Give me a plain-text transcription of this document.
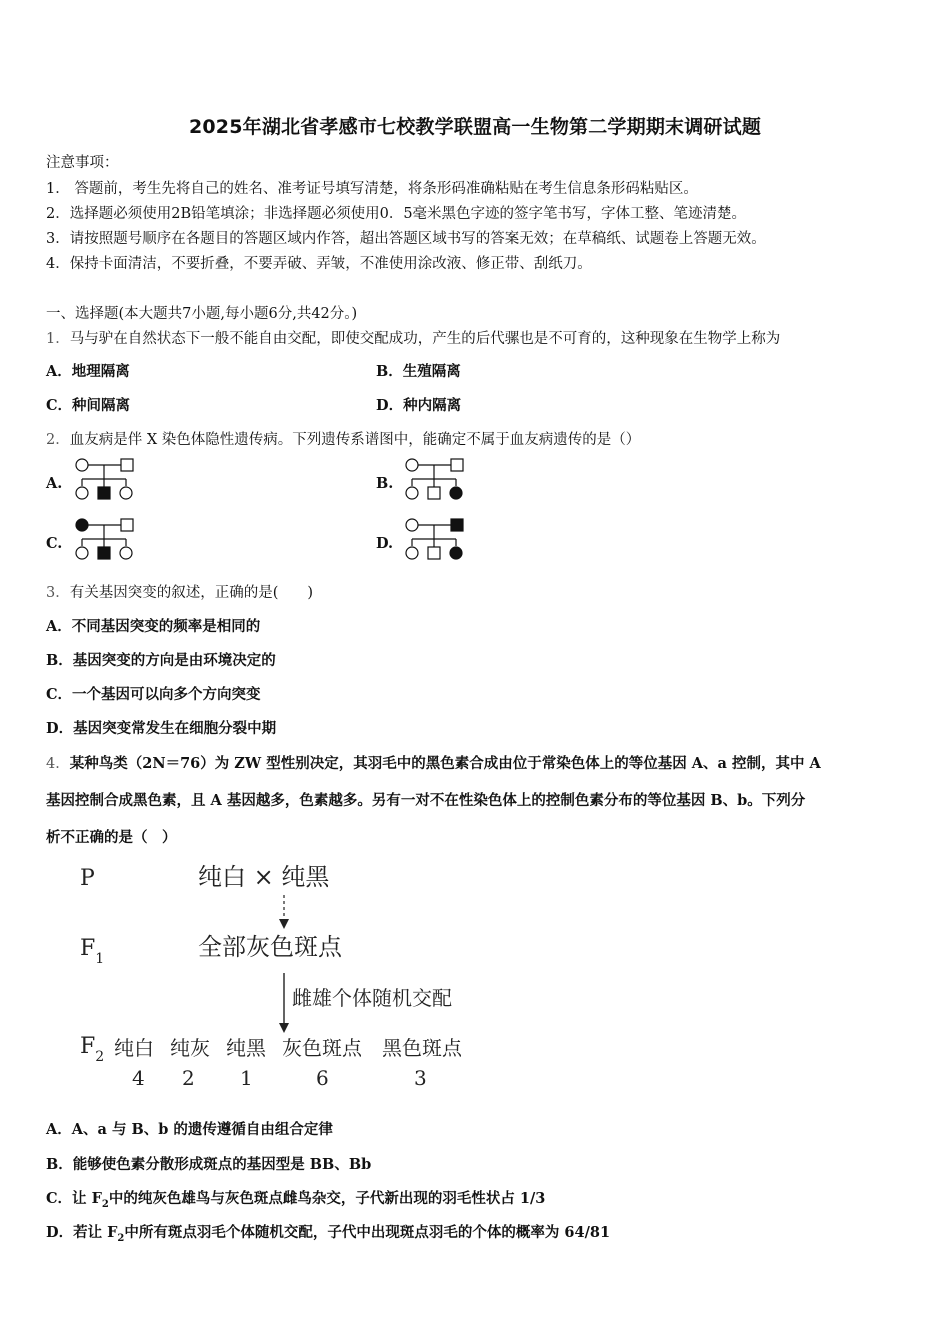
2025年湖北省孝感市七校教学联盟高一生物第二学期期末调研试题
注意事项：
1． 答题前，考生先将自己的姓名、准考证号填写清楚，将条形码准确粘贴在考生信息条形码粘贴区。
2．选择题必须使用2B铅笔填涂；非选择题必须使用0．5毫米黑色字迹的签字笔书写，字体工整、笔迹清楚。
3．请按照题号顺序在各题目的答题区域内作答，超出答题区域书写的答案无效；在草稿纸、试题卷上答题无效。
4．保持卡面清洁，不要折叠，不要弄破、弄皱，不准使用涂改液、修正带、刮纸刀。
一、选择题(本大题共7小题,每小题6分,共42分。)
1．马与驴在自然状态下一般不能自由交配，即使交配成功，产生的后代骡也是不可育的，这种现象在生物学上称为
A．地理隔离	B．生殖隔离
C．种间隔离	D．种内隔离
2．血友病是伴 X 染色体隐性遗传病。下列遗传系谱图中，能确定不属于血友病遗传的是（）
A.	B.
C.	D.
3．有关基因突变的叙述，正确的是(　　)
A．不同基因突变的频率是相同的
B．基因突变的方向是由环境决定的
C．一个基因可以向多个方向突变
D．基因突变常发生在细胞分裂中期
4．某种鸟类（2N＝76）为 ZW 型性别决定，其羽毛中的黑色素合成由位于常染色体上的等位基因 A、a 控制，其中 A
基因控制合成黑色素，且 A 基因越多，色素越多。另有一对不在性染色体上的控制色素分布的等位基因 B、b。下列分
析不正确的是（　）
P	纯白 × 纯黑
$F_1$	全部灰色斑点
雌雄个体随机交配
$F_2$ 纯白 纯灰 纯黑 灰色斑点 黑色斑点
4 2 1	6	3
A．A、a 与 B、b 的遗传遵循自由组合定律
B．能够使色素分散形成斑点的基因型是 BB、Bb
C．让 $F_2$中的纯灰色雄鸟与灰色斑点雌鸟杂交，子代新出现的羽毛性状占 1/3
D．若让 $F_2$中所有斑点羽毛个体随机交配，子代中出现斑点羽毛的个体的概率为 64/81
